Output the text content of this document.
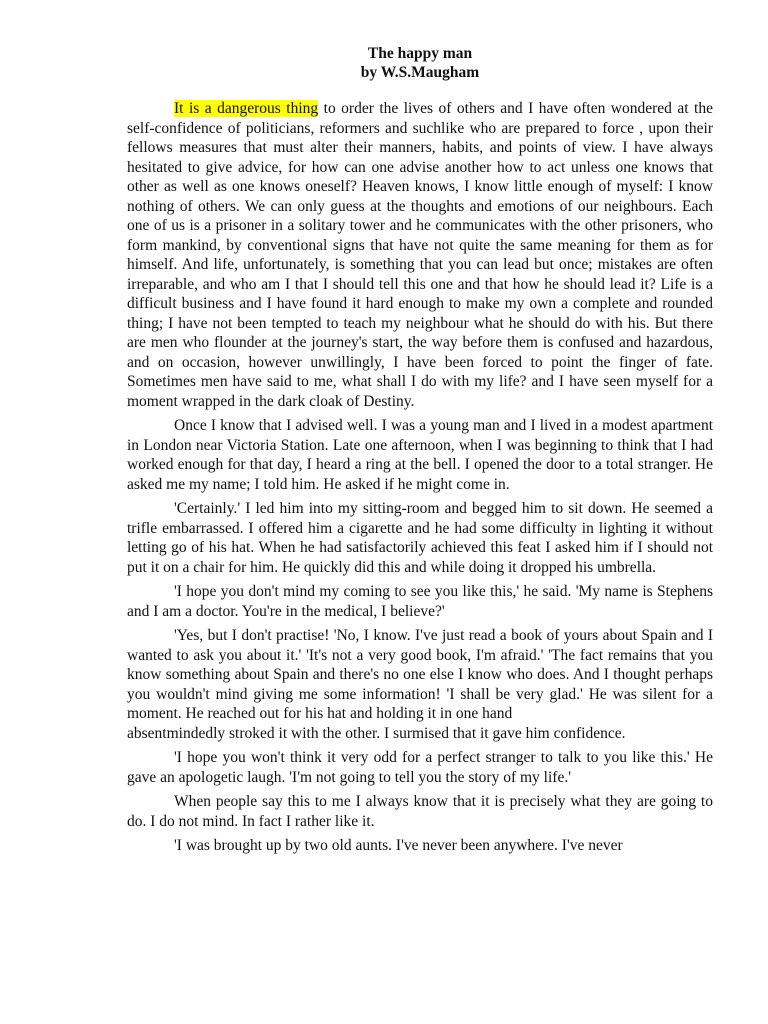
The happy man
by W.S.Maugham

It is a dangerous thing to order the lives of others and I have often wondered at the self-confidence of politicians, reformers and suchlike who are prepared to force , upon their fellows measures that must alter their manners, habits, and points of view. I have always hesitated to give advice, for how can one advise another how to act unless one knows that other as well as one knows oneself? Heaven knows, I know little enough of myself: I know nothing of others. We can only guess at the thoughts and emotions of our neighbours. Each one of us is a prisoner in a solitary tower and he communicates with the other prisoners, who form mankind, by conventional signs that have not quite the same meaning for them as for himself. And life, unfortunately, is something that you can lead but once; mistakes are often irreparable, and who am I that I should tell this one and that how he should lead it? Life is a difficult business and I have found it hard enough to make my own a complete and rounded thing; I have not been tempted to teach my neighbour what he should do with his. But there are men who flounder at the journey's start, the way before them is confused and hazardous, and on occasion, however unwillingly, I have been forced to point the finger of fate. Sometimes men have said to me, what shall I do with my life? and I have seen myself for a moment wrapped in the dark cloak of Destiny.

Once I know that I advised well. I was a young man and I lived in a modest apartment in London near Victoria Station. Late one afternoon, when I was beginning to think that I had worked enough for that day, I heard a ring at the bell. I opened the door to a total stranger. He asked me my name; I told him. He asked if he might come in.

'Certainly.' I led him into my sitting-room and begged him to sit down. He seemed a trifle embarrassed. I offered him a cigarette and he had some difficulty in lighting it without letting go of his hat. When he had satisfactorily achieved this feat I asked him if I should not put it on a chair for him. He quickly did this and while doing it dropped his umbrella.

'I hope you don't mind my coming to see you like this,' he said. 'My name is Stephens and I am a doctor. You're in the medical, I believe?'

'Yes, but I don't practise! 'No, I know. I've just read a book of yours about Spain and I wanted to ask you about it.' 'It's not a very good book, I'm afraid.' 'The fact remains that you know something about Spain and there's no one else I know who does. And I thought perhaps you wouldn't mind giving me some information! 'I shall be very glad.' He was silent for a moment. He reached out for his hat and holding it in one hand

absentmindedly stroked it with the other. I surmised that it gave him confidence.

'I hope you won't think it very odd for a perfect stranger to talk to you like this.' He gave an apologetic laugh. 'I'm not going to tell you the story of my life.'

When people say this to me I always know that it is precisely what they are going to do. I do not mind. In fact I rather like it.

'I was brought up by two old aunts. I've never been anywhere. I've never
